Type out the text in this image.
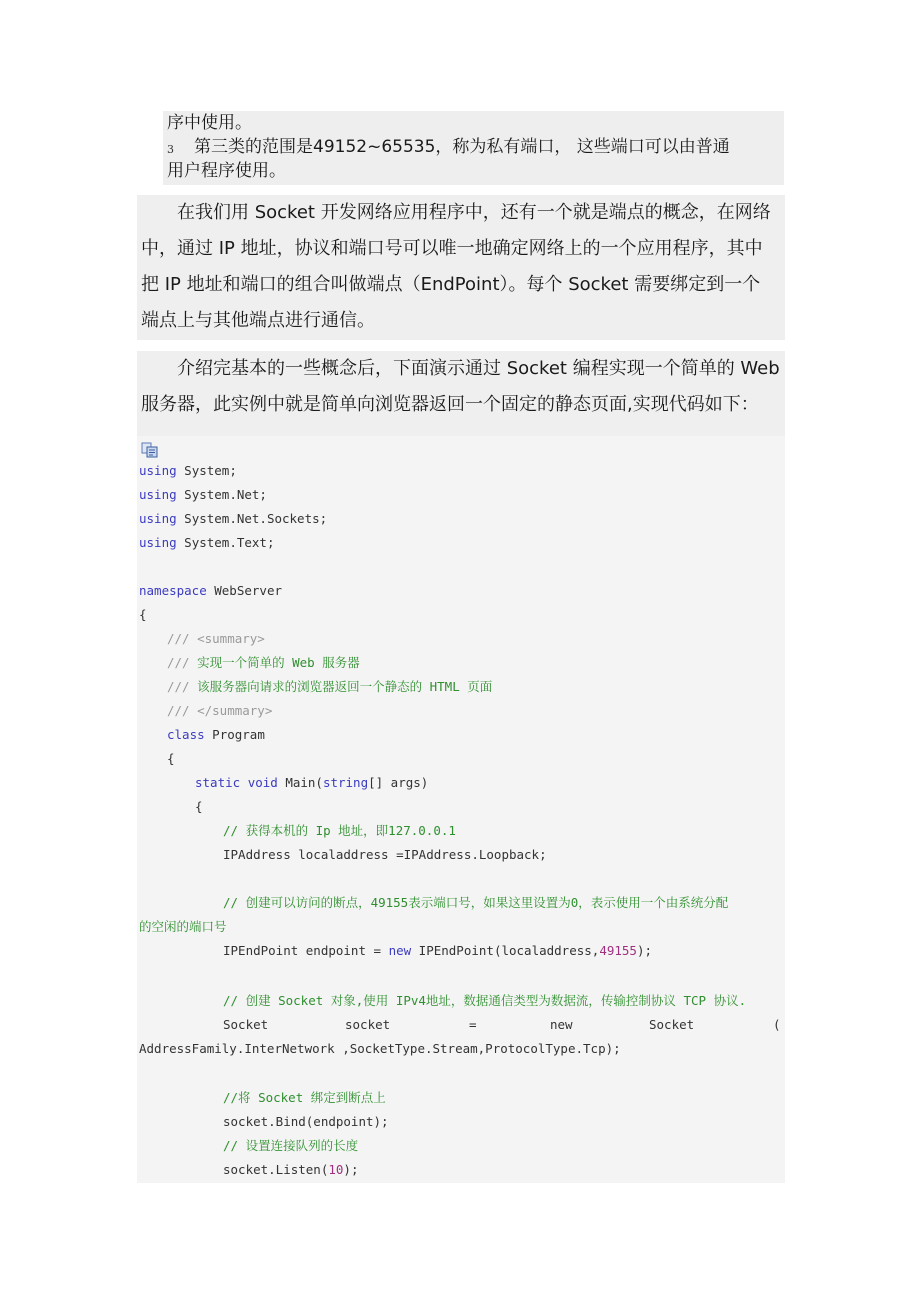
序中使用。
3 第三类的范围是49152~65535，称为私有端口， 这些端口可以由普通
用户程序使用。
在我们用 Socket 开发网络应用程序中，还有一个就是端点的概念，在网络
中，通过 IP 地址，协议和端口号可以唯一地确定网络上的一个应用程序，其中
把 IP 地址和端口的组合叫做端点（EndPoint）。每个 Socket 需要绑定到一个
端点上与其他端点进行通信。
介绍完基本的一些概念后，下面演示通过 Socket 编程实现一个简单的 Web
服务器，此实例中就是简单向浏览器返回一个固定的静态页面,实现代码如下：
using System;
using System.Net;
using System.Net.Sockets;
using System.Text;
namespace WebServer
{
/// <summary>
/// 实现一个简单的 Web 服务器
/// 该服务器向请求的浏览器返回一个静态的 HTML 页面
/// </summary>
class Program
{
static void Main(string[] args)
{
// 获得本机的 Ip 地址，即127.0.0.1
IPAddress localaddress =IPAddress.Loopback;
// 创建可以访问的断点，49155表示端口号，如果这里设置为0，表示使用一个由系统分配
的空闲的端口号
IPEndPoint endpoint = new IPEndPoint(localaddress,49155);
// 创建 Socket 对象,使用 IPv4地址，数据通信类型为数据流，传输控制协议 TCP 协议.
Socket	socket	=	new	Socket	(
AddressFamily.InterNetwork ,SocketType.Stream,ProtocolType.Tcp);
//将 Socket 绑定到断点上
socket.Bind(endpoint);
// 设置连接队列的长度
socket.Listen(10);
